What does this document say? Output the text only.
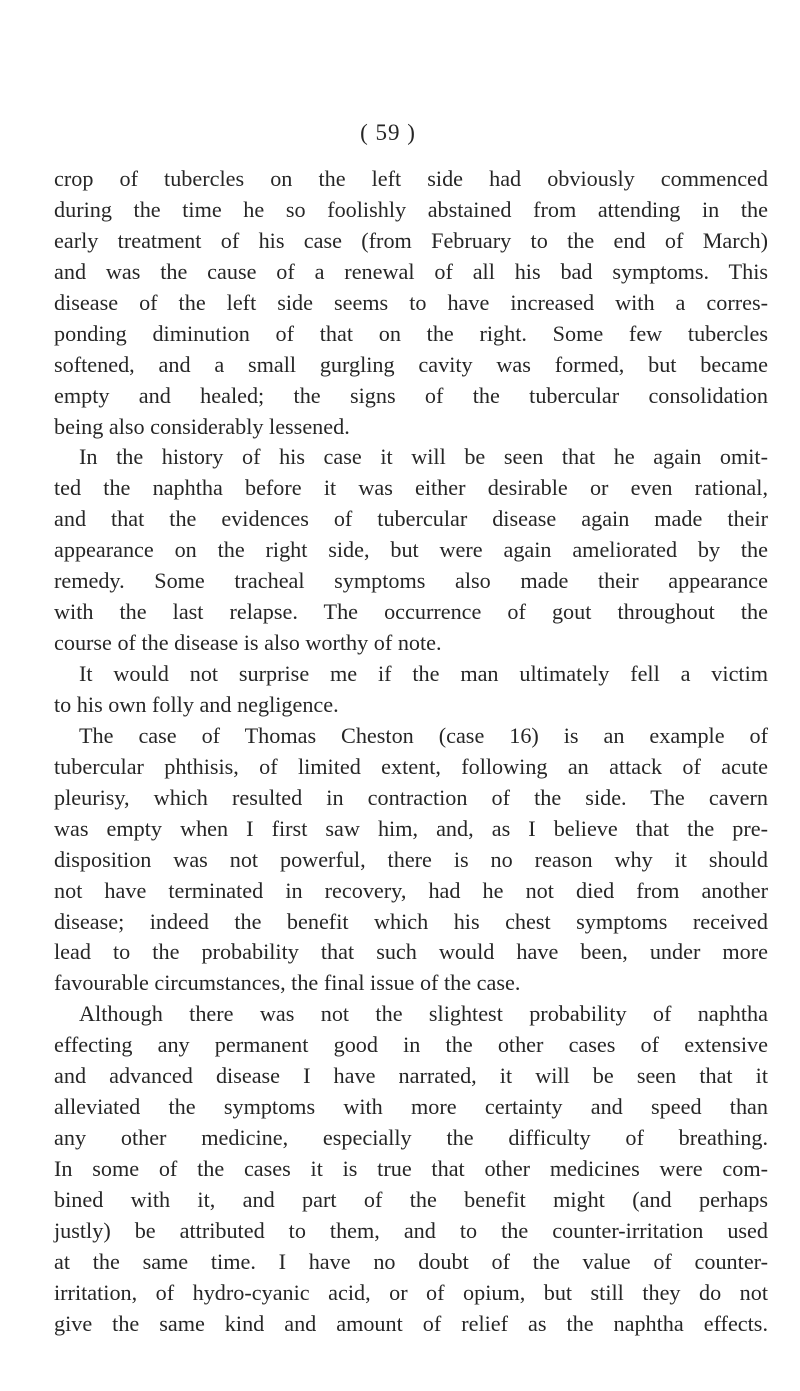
( 59 )
crop of tubercles on the left side had obviously commenced
during the time he so foolishly abstained from attending in the
early treatment of his case (from February to the end of March)
and was the cause of a renewal of all his bad symptoms. This
disease of the left side seems to have increased with a corres-
ponding diminution of that on the right. Some few tubercles
softened, and a small gurgling cavity was formed, but became
empty and healed; the signs of the tubercular consolidation
being also considerably lessened.
In the history of his case it will be seen that he again omit-
ted the naphtha before it was either desirable or even rational,
and that the evidences of tubercular disease again made their
appearance on the right side, but were again ameliorated by the
remedy. Some tracheal symptoms also made their appearance
with the last relapse. The occurrence of gout throughout the
course of the disease is also worthy of note.
It would not surprise me if the man ultimately fell a victim
to his own folly and negligence.
The case of Thomas Cheston (case 16) is an example of
tubercular phthisis, of limited extent, following an attack of acute
pleurisy, which resulted in contraction of the side. The cavern
was empty when I first saw him, and, as I believe that the pre-
disposition was not powerful, there is no reason why it should
not have terminated in recovery, had he not died from another
disease; indeed the benefit which his chest symptoms received
lead to the probability that such would have been, under more
favourable circumstances, the final issue of the case.
Although there was not the slightest probability of naphtha
effecting any permanent good in the other cases of extensive
and advanced disease I have narrated, it will be seen that it
alleviated the symptoms with more certainty and speed than
any other medicine, especially the difficulty of breathing.
In some of the cases it is true that other medicines were com-
bined with it, and part of the benefit might (and perhaps
justly) be attributed to them, and to the counter-irritation used
at the same time. I have no doubt of the value of counter-
irritation, of hydro-cyanic acid, or of opium, but still they do not
give the same kind and amount of relief as the naphtha effects.
